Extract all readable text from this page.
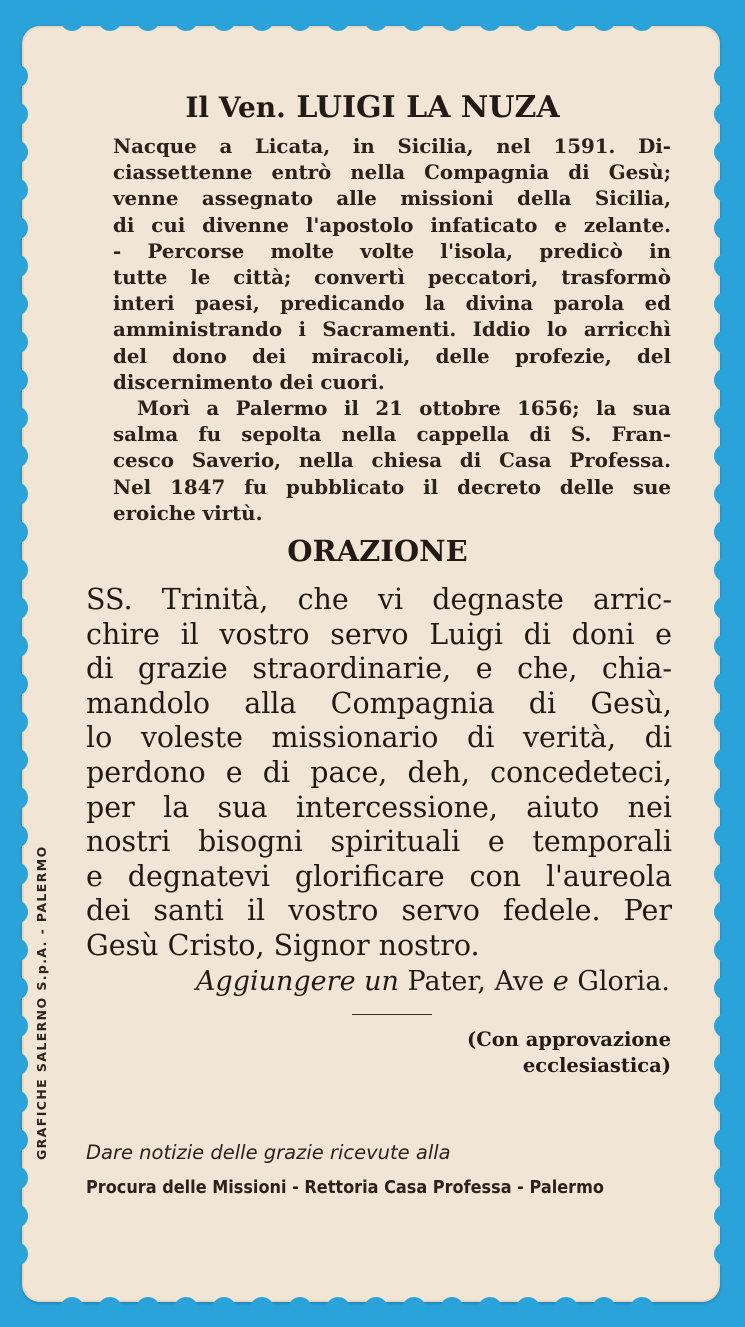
GRAFICHE SALERNO S.p.A. - PALERMO
Il Ven. LUIGI LA NUZA
Nacque a Licata, in Sicilia, nel 1591. Di-
ciassettenne entrò nella Compagnia di Gesù;
venne assegnato alle missioni della Sicilia,
di cui divenne l'apostolo infaticato e zelante.
- Percorse molte volte l'isola, predicò in
tutte le città; convertì peccatori, trasformò
interi paesi, predicando la divina parola ed
amministrando i Sacramenti. Iddio lo arricchì
del dono dei miracoli, delle profezie, del
discernimento dei cuori.
Morì a Palermo il 21 ottobre 1656; la sua
salma fu sepolta nella cappella di S. Fran-
cesco Saverio, nella chiesa di Casa Professa.
Nel 1847 fu pubblicato il decreto delle sue
eroiche virtù.
ORAZIONE
SS. Trinità, che vi degnaste arric-
chire il vostro servo Luigi di doni e
di grazie straordinarie, e che, chia-
mandolo alla Compagnia di Gesù,
lo voleste missionario di verità, di
perdono e di pace, deh, concedeteci,
per la sua intercessione, aiuto nei
nostri bisogni spirituali e temporali
e degnatevi glorificare con l'aureola
dei santi il vostro servo fedele. Per
Gesù Cristo, Signor nostro.
Aggiungere un Pater, Ave e Gloria.
(Con approvazione
ecclesiastica)
Dare notizie delle grazie ricevute alla
Procura delle Missioni - Rettoria Casa Professa - Palermo
